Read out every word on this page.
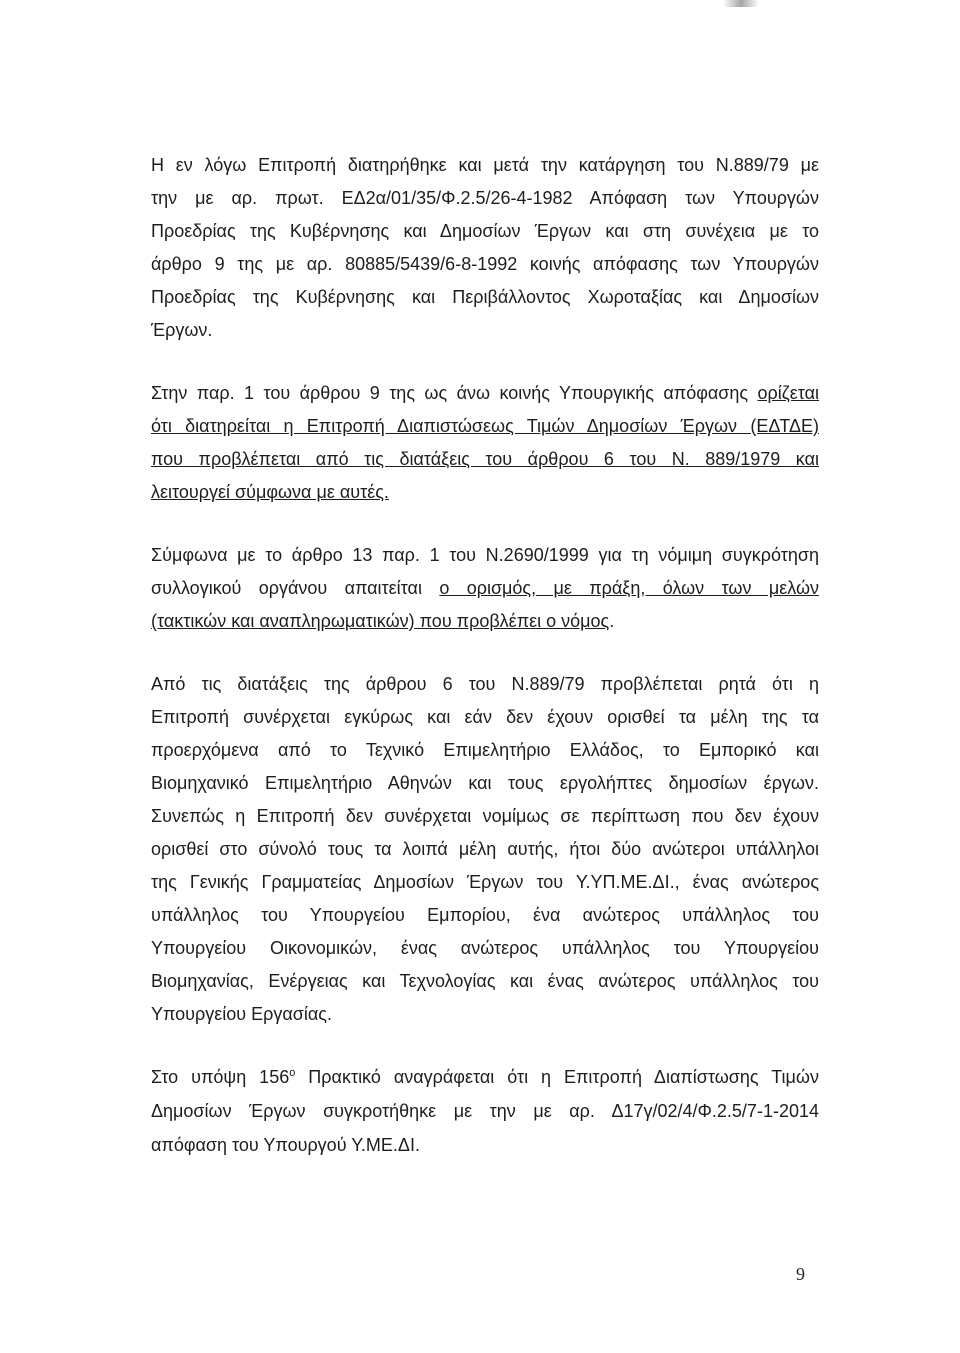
Η εν λόγω Επιτροπή διατηρήθηκε και μετά την κατάργηση του Ν.889/79 με
την με αρ. πρωτ. ΕΔ2α/01/35/Φ.2.5/26-4-1982 Απόφαση των Υπουργών
Προεδρίας της Κυβέρνησης και Δημοσίων Έργων και στη συνέχεια με το
άρθρο 9 της με αρ. 80885/5439/6-8-1992 κοινής απόφασης των Υπουργών
Προεδρίας της Κυβέρνησης και Περιβάλλοντος Χωροταξίας και Δημοσίων
Έργων.
Στην παρ. 1 του άρθρου 9 της ως άνω κοινής Υπουργικής απόφασης ορίζεται
ότι διατηρείται η Επιτροπή Διαπιστώσεως Τιμών Δημοσίων Έργων (ΕΔΤΔΕ)
που προβλέπεται από τις διατάξεις του άρθρου 6 του Ν. 889/1979 και
λειτουργεί σύμφωνα με αυτές.
Σύμφωνα με το άρθρο 13 παρ. 1 του Ν.2690/1999 για τη νόμιμη συγκρότηση
συλλογικού οργάνου απαιτείται ο ορισμός, με πράξη, όλων των μελών
(τακτικών και αναπληρωματικών) που προβλέπει ο νόμος.
Από τις διατάξεις της άρθρου 6 του Ν.889/79 προβλέπεται ρητά ότι η
Επιτροπή συνέρχεται εγκύρως και εάν δεν έχουν ορισθεί τα μέλη της τα
προερχόμενα από το Τεχνικό Επιμελητήριο Ελλάδος, το Εμπορικό και
Βιομηχανικό Επιμελητήριο Αθηνών και τους εργολήπτες δημοσίων έργων.
Συνεπώς η Επιτροπή δεν συνέρχεται νομίμως σε περίπτωση που δεν έχουν
ορισθεί στο σύνολό τους τα λοιπά μέλη αυτής, ήτοι δύο ανώτεροι υπάλληλοι
της Γενικής Γραμματείας Δημοσίων Έργων του Υ.ΥΠ.ΜΕ.ΔΙ., ένας ανώτερος
υπάλληλος του Υπουργείου Εμπορίου, ένα ανώτερος υπάλληλος του
Υπουργείου Οικονομικών, ένας ανώτερος υπάλληλος του Υπουργείου
Βιομηχανίας, Ενέργειας και Τεχνολογίας και ένας ανώτερος υπάλληλος του
Υπουργείου Εργασίας.
Στο υπόψη $156^o$ Πρακτικό αναγράφεται ότι η Επιτροπή Διαπίστωσης Τιμών
Δημοσίων Έργων συγκροτήθηκε με την με αρ. Δ17γ/02/4/Φ.2.5/7-1-2014
απόφαση του Υπουργού Υ.ΜΕ.ΔΙ.
9
